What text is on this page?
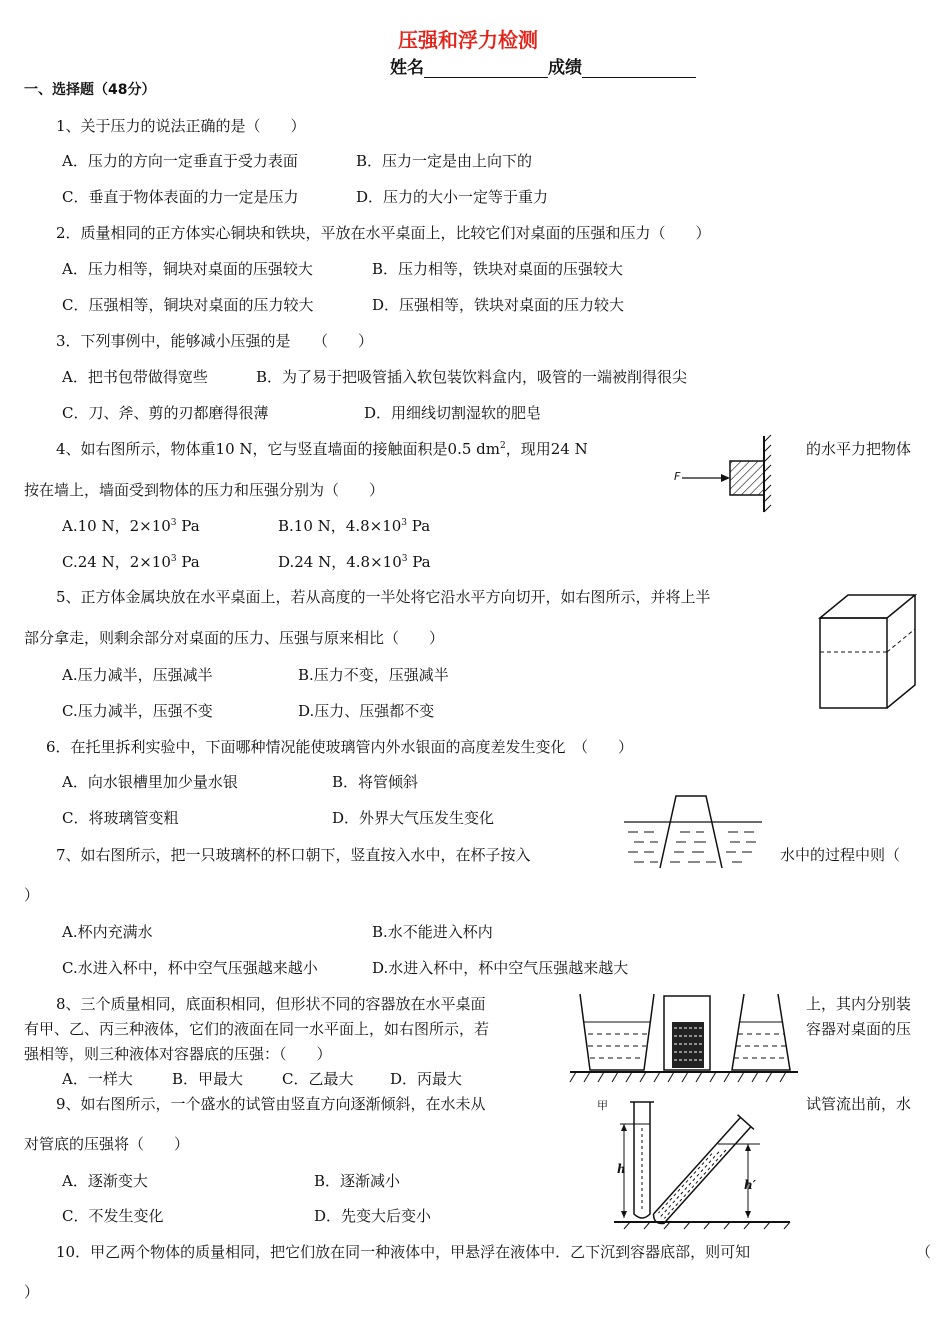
压强和浮力检测
姓名	成绩
一、选择题（48分）
1、关于压力的说法正确的是（　　）
A．压力的方向一定垂直于受力表面	B．压力一定是由上向下的
C．垂直于物体表面的力一定是压力	D．压力的大小一定等于重力
2．质量相同的正方体实心铜块和铁块，平放在水平桌面上，比较它们对桌面的压强和压力（　　）
A．压力相等，铜块对桌面的压强较大	B．压力相等，铁块对桌面的压强较大
C．压强相等，铜块对桌面的压力较大	D．压强相等，铁块对桌面的压力较大
3．下列事例中，能够减小压强的是　　（　　）
A．把书包带做得宽些	B．为了易于把吸管插入软包装饮料盒内，吸管的一端被削得很尖
C．刀、斧、剪的刃都磨得很薄	D．用细线切割湿软的肥皂
4、如右图所示，物体重10 N，它与竖直墙面的接触面积是0.5 $dm^2$，现用24 N	的水平力把物体
按在墙上，墙面受到物体的压力和压强分别为（　　）
A.10 N，$2\times 10^3$ Pa	B.10 N，$4.8\times 10^3$ Pa
C.24 N，$2\times 10^3$ Pa	D.24 N，$4.8\times 10^3$ Pa
F
5、正方体金属块放在水平桌面上，若从高度的一半处将它沿水平方向切开，如右图所示，并将上半
部分拿走，则剩余部分对桌面的压力、压强与原来相比（　　）
A.压力减半，压强减半	B.压力不变，压强减半
C.压力减半，压强不变	D.压力、压强都不变
6．在托里拆利实验中，下面哪种情况能使玻璃管内外水银面的高度差发生变化　（　　）
A．向水银槽里加少量水银	B．将管倾斜
C．将玻璃管变粗	D．外界大气压发生变化
7、如右图所示，把一只玻璃杯的杯口朝下，竖直按入水中，在杯子按入	水中的过程中则（
）
A.杯内充满水	B.水不能进入杯内
C.水进入杯中，杯中空气压强越来越小	D.水进入杯中，杯中空气压强越来越大
8、三个质量相同，底面积相同，但形状不同的容器放在水平桌面	上，其内分别装
有甲、乙、丙三种液体，它们的液面在同一水平面上，如右图所示，若	容器对桌面的压
强相等，则三种液体对容器底的压强：（　　）
A．一样大	B．甲最大	C．乙最大 D．丙最大
9、如右图所示，一个盛水的试管由竖直方向逐渐倾斜，在水未从	试管流出前，水
对管底的压强将（　　）
A．逐渐变大	B．逐渐减小
C．不发生变化	D．先变大后变小
甲
h
h′
10．甲乙两个物体的质量相同，把它们放在同一种液体中，甲悬浮在液体中．乙下沉到容器底部，则可知	（
）
